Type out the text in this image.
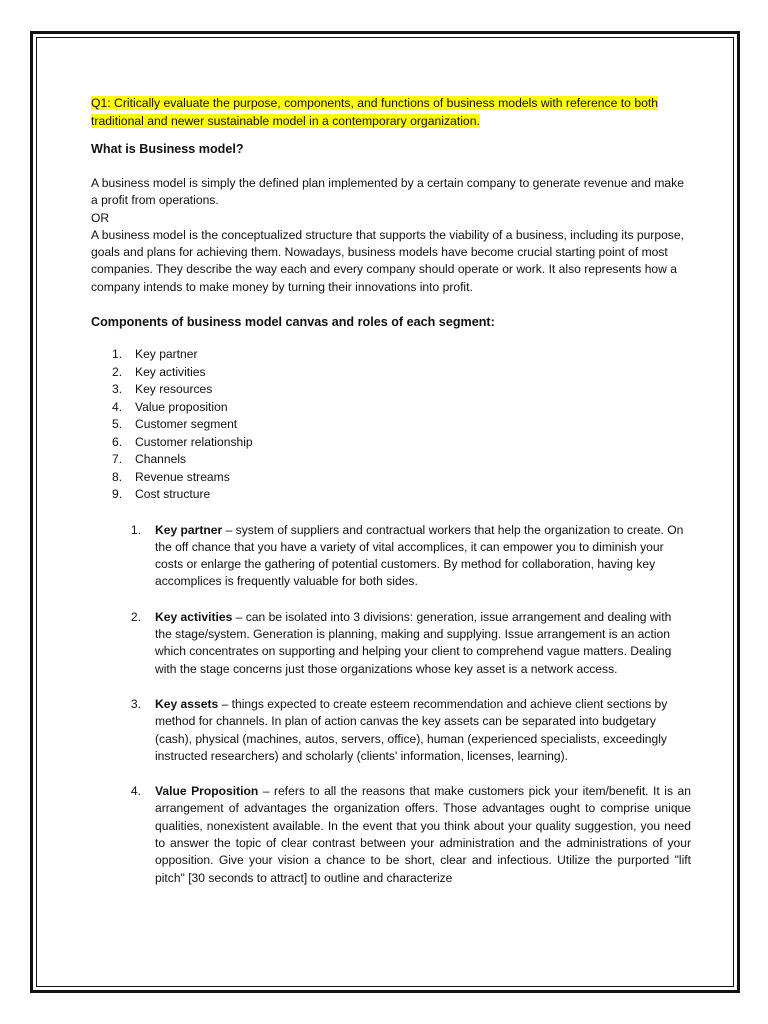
Q1: Critically evaluate the purpose, components, and functions of business models with reference to both traditional and newer sustainable model in a contemporary organization.

What is Business model?

A business model is simply the defined plan implemented by a certain company to generate revenue and make a profit from operations.

OR

A business model is the conceptualized structure that supports the viability of a business, including its purpose, goals and plans for achieving them. Nowadays, business models have become crucial starting point of most companies. They describe the way each and every company should operate or work. It also represents how a company intends to make money by turning their innovations into profit.

Components of business model canvas and roles of each segment:
1.	Key partner
2.	Key activities
3.	Key resources
4.	Value proposition
5.	Customer segment
6.	Customer relationship
7.	Channels
8.	Revenue streams
9.	Cost structure
1.	Key partner – system of suppliers and contractual workers that help the organization to create. On the off chance that you have a variety of vital accomplices, it can empower you to diminish your costs or enlarge the gathering of potential customers. By method for collaboration, having key accomplices is frequently valuable for both sides.
2.	Key activities – can be isolated into 3 divisions: generation, issue arrangement and dealing with the stage/system. Generation is planning, making and supplying. Issue arrangement is an action which concentrates on supporting and helping your client to comprehend vague matters. Dealing with the stage concerns just those organizations whose key asset is a network access.
3.	Key assets – things expected to create esteem recommendation and achieve client sections by method for channels. In plan of action canvas the key assets can be separated into budgetary (cash), physical (machines, autos, servers, office), human (experienced specialists, exceedingly instructed researchers) and scholarly (clients' information, licenses, learning).
4.	Value Proposition – refers to all the reasons that make customers pick your item/benefit. It is an arrangement of advantages the organization offers. Those advantages ought to comprise unique qualities, nonexistent available. In the event that you think about your quality suggestion, you need to answer the topic of clear contrast between your administration and the administrations of your opposition. Give your vision a chance to be short, clear and infectious. Utilize the purported "lift pitch" [30 seconds to attract] to outline and characterize
